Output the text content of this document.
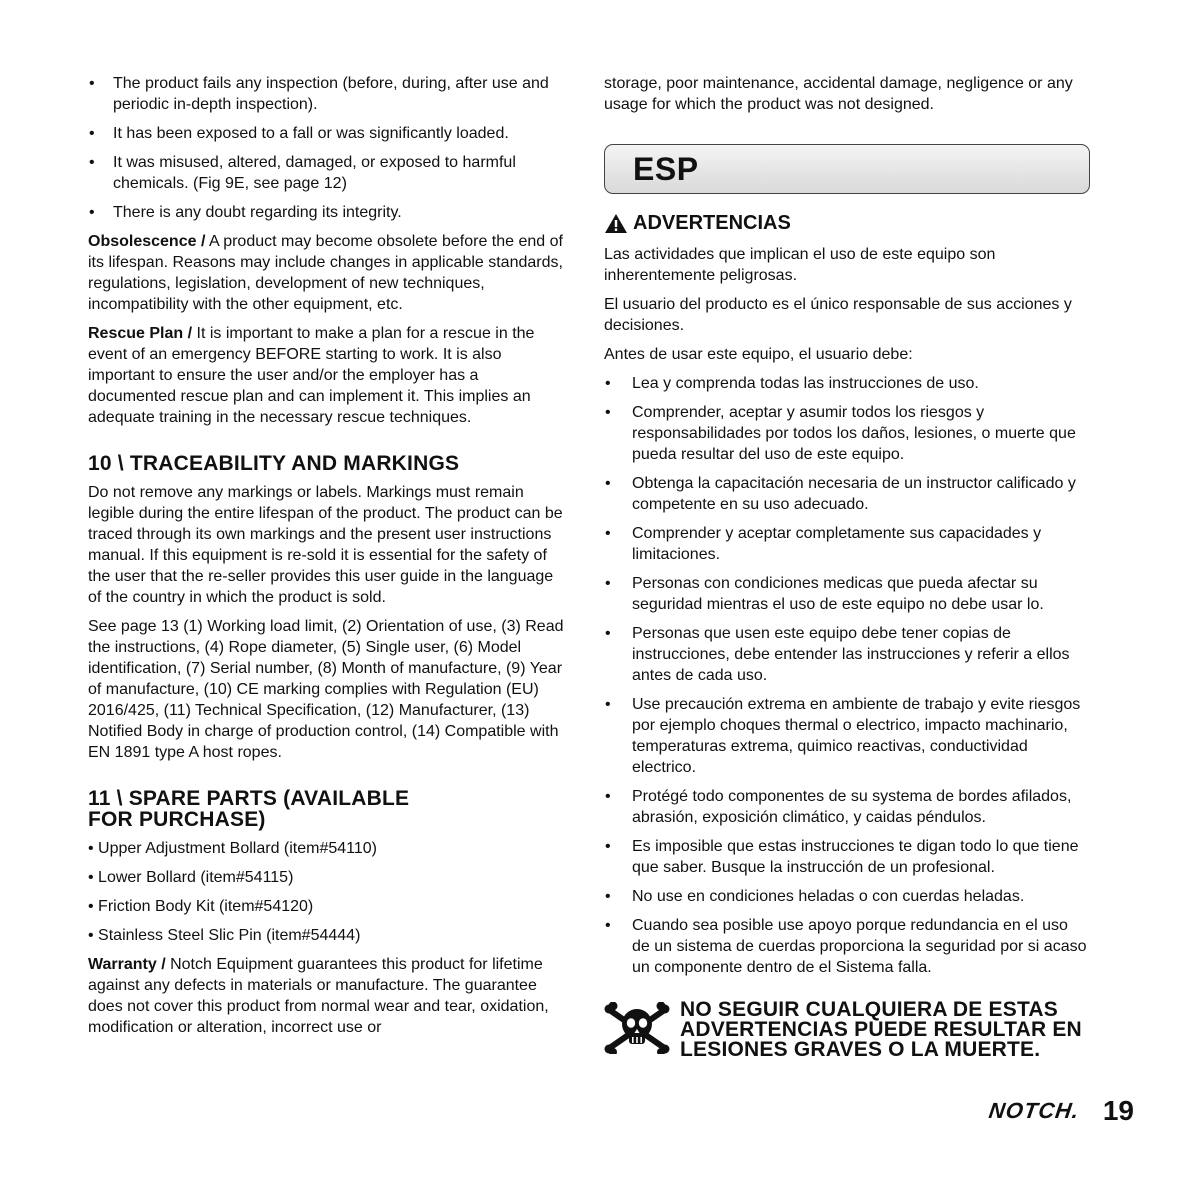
• The product fails any inspection (before, during, after use and periodic in-depth inspection).
• It has been exposed to a fall or was significantly loaded.
• It was misused, altered, damaged, or exposed to harmful chemicals. (Fig 9E, see page 12)
• There is any doubt regarding its integrity.

Obsolescence / A product may become obsolete before the end of its lifespan. Reasons may include changes in applicable standards, regulations, legislation, development of new techniques, incompatibility with the other equipment, etc.

Rescue Plan / It is important to make a plan for a rescue in the event of an emergency BEFORE starting to work. It is also important to ensure the user and/or the employer has a documented rescue plan and can implement it. This implies an adequate training in the necessary rescue techniques.

10 \ TRACEABILITY AND MARKINGS

Do not remove any markings or labels. Markings must remain legible during the entire lifespan of the product. The product can be traced through its own markings and the present user instructions manual. If this equipment is re-sold it is essential for the safety of the user that the re-seller provides this user guide in the language of the country in which the product is sold.

See page 13 (1) Working load limit, (2) Orientation of use, (3) Read the instructions, (4) Rope diameter, (5) Single user, (6) Model identification, (7) Serial number, (8) Month of manufacture, (9) Year of manufacture, (10) CE marking complies with Regulation (EU) 2016/425, (11) Technical Specification, (12) Manufacturer, (13) Notified Body in charge of production control, (14) Compatible with EN 1891 type A host ropes.

11 \ SPARE PARTS (AVAILABLE
FOR PURCHASE)
• Upper Adjustment Bollard (item#54110)
• Lower Bollard (item#54115)
• Friction Body Kit (item#54120)
• Stainless Steel Slic Pin (item#54444)

Warranty / Notch Equipment guarantees this product for lifetime against any defects in materials or manufacture. The guarantee does not cover this product from normal wear and tear, oxidation, modification or alteration, incorrect use or

storage, poor maintenance, accidental damage, negligence or any usage for which the product was not designed.

ESP
ADVERTENCIAS

Las actividades que implican el uso de este equipo son inherentemente peligrosas.

El usuario del producto es el único responsable de sus acciones y decisiones.

Antes de usar este equipo, el usuario debe:

• Lea y comprenda todas las instrucciones de uso.
• Comprender, aceptar y asumir todos los riesgos y responsabilidades por todos los daños, lesiones, o muerte que pueda resultar del uso de este equipo.
• Obtenga la capacitación necesaria de un instructor calificado y competente en su uso adecuado.
• Comprender y aceptar completamente sus capacidades y limitaciones.
• Personas con condiciones medicas que pueda afectar su seguridad mientras el uso de este equipo no debe usar lo.
• Personas que usen este equipo debe tener copias de instrucciones, debe entender las instrucciones y referir a ellos antes de cada uso.
• Use precaución extrema en ambiente de trabajo y evite riesgos por ejemplo choques thermal o electrico, impacto machinario, temperaturas extrema, quimico reactivas, conductividad electrico.
• Protégé todo componentes de su systema de bordes afilados, abrasión, exposición climático, y caidas péndulos.
• Es imposible que estas instrucciones te digan todo lo que tiene que saber. Busque la instrucción de un profesional.
• No use en condiciones heladas o con cuerdas heladas.
• Cuando sea posible use apoyo porque redundancia en el uso de un sistema de cuerdas proporciona la seguridad por si acaso un componente dentro de el Sistema falla.
NO SEGUIR CUALQUIERA DE ESTAS
ADVERTENCIAS PUEDE RESULTAR EN
LESIONES GRAVES O LA MUERTE.
NOTCH. 19
